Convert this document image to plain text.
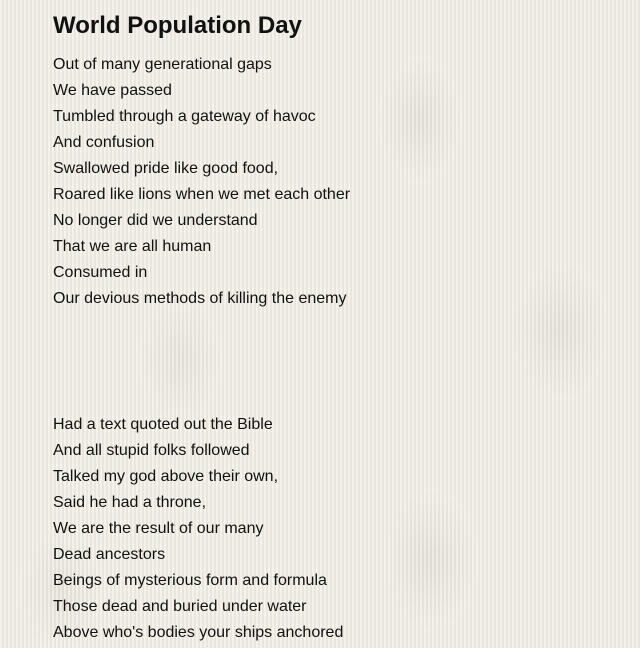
World Population Day
Out of many generational gaps
We have passed
Tumbled through a gateway of havoc
And confusion
Swallowed pride like good food,
Roared like lions when we met each other
No longer did we understand
That we are all human
Consumed in
Our devious methods of killing the enemy
Had a text quoted out the Bible
And all stupid folks followed
Talked my god above their own,
Said he had a throne,
We are the result of our many
Dead ancestors
Beings of mysterious form and formula
Those dead and buried under water
Above who's bodies your ships anchored
